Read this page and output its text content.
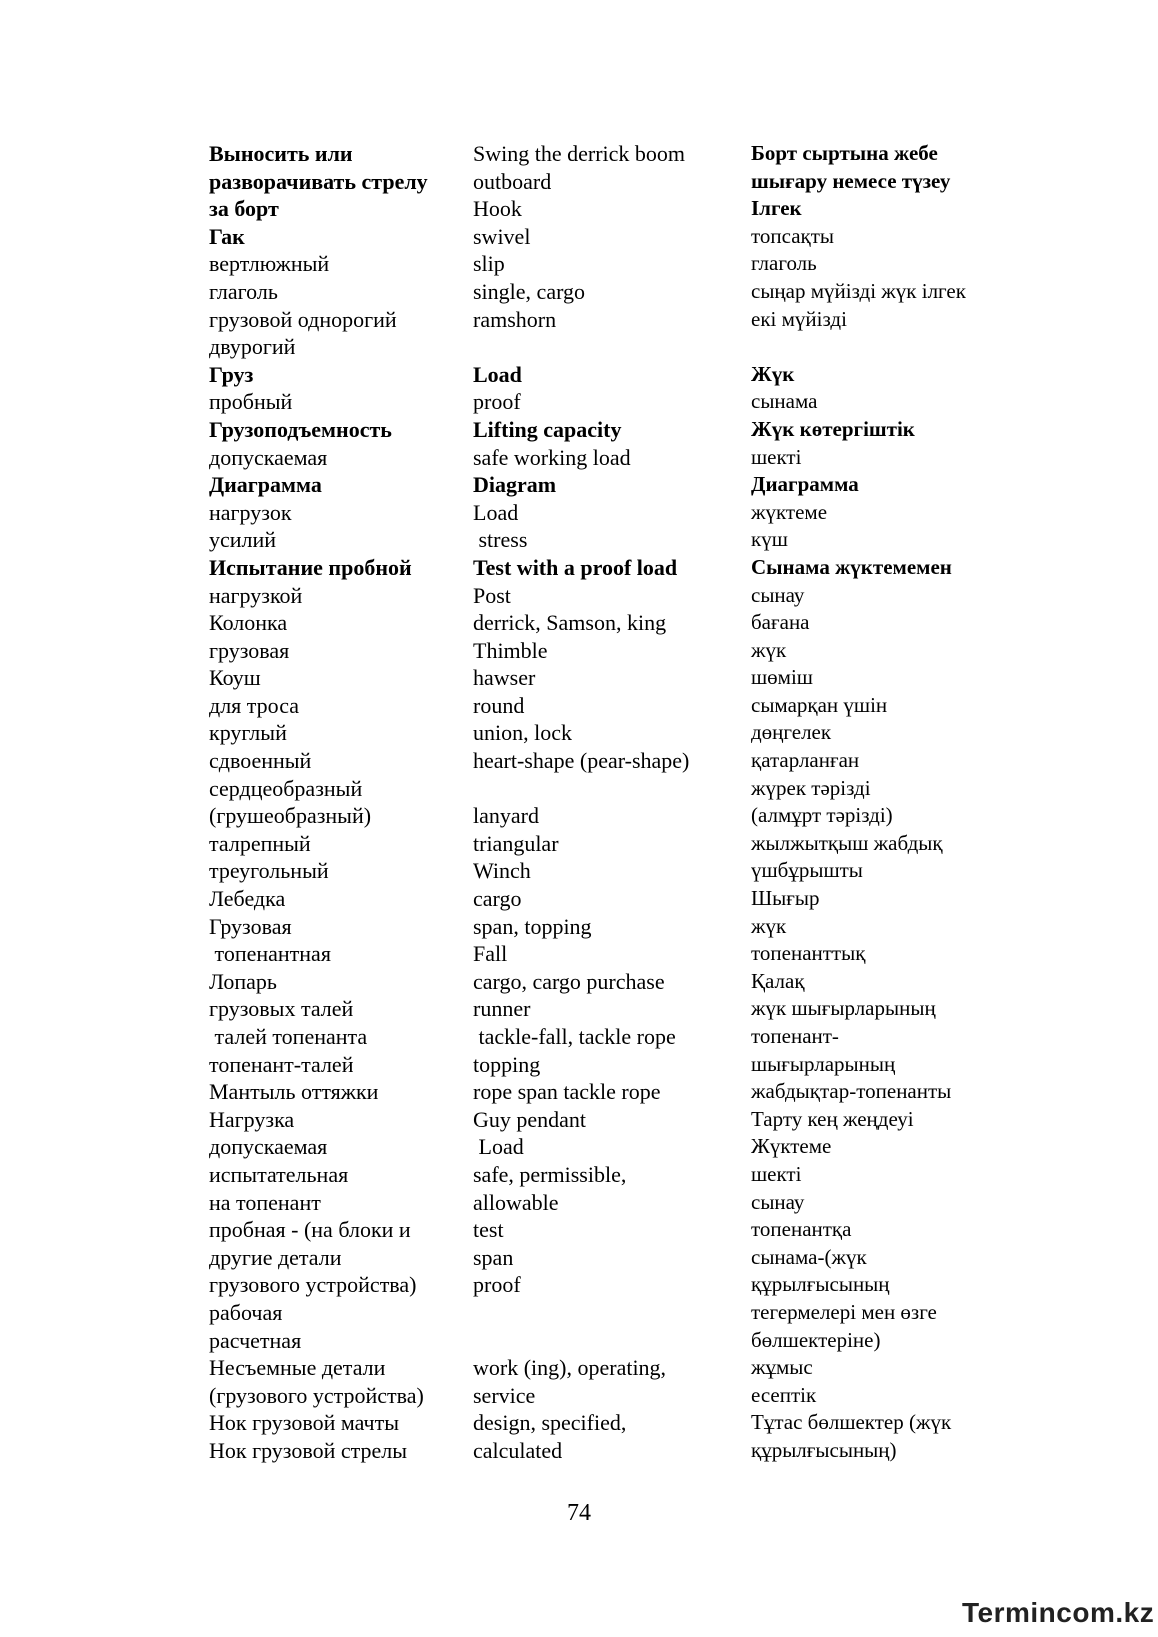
Выносить или
разворачивать стрелу
за борт
Гак
вертлюжный
глаголь
грузовой однорогий
двурогий
Груз
пробный
Грузоподъемность
допускаемая
Диаграмма
нагрузок
усилий
Испытание пробной
нагрузкой
Колонка
грузовая
Коуш
для троса
круглый
сдвоенный
сердцеобразный
(грушеобразный)
талрепный
треугольный
Лебедка
Грузовая
топенантная
Лопарь
грузовых талей
талей топенанта
топенант-талей
Мантыль оттяжки
Нагрузка
допускаемая
испытательная
на топенант
пробная - (на блоки и
другие детали
грузового устройства)
рабочая
расчетная
Несъемные детали
(грузового устройства)
Нок грузовой мачты
Нок грузовой стрелы
Swing the derrick boom
outboard
Hook
swivel
slip
single, cargo
ramshorn
Load
proof
Lifting capacity
safe working load
Diagram
Load
stress
Test with a proof load
Post
derrick, Samson, king
Thimble
hawser
round
union, lock
heart-shape (pear-shape)
lanyard
triangular
Winch
cargo
span, topping
Fall
cargo, cargo purchase
runner
tackle-fall, tackle rope
topping
rope span tackle rope
Guy pendant
Load
safe, permissible,
allowable
test
span
proof
work (ing), operating,
service
design, specified,
calculated
Борт сыртына жебе
шығару немесе түзеу
Ілгек
топсақты
глаголь
сыңар мүйізді жүк ілгек
екі мүйізді
Жүк
сынама
Жүк көтергіштік
шекті
Диаграмма
жүктеме
күш
Сынама жүктемемен
сынау
бағана
жүк
шөміш
сымарқан үшін
дөңгелек
қатарланған
жүрек тәрізді
(алмұрт тәрізді)
жылжытқыш жабдық
үшбұрышты
Шығыр
жүк
топенанттық
Қалақ
жүк шығырларының
топенант-
шығырларының
жабдықтар-топенанты
Тарту кең жеңдеуі
Жүктеме
шекті
сынау
топенантқа
сынама-(жүк
құрылғысының
тегермелері мен өзге
бөлшектеріне)
жұмыс
есептік
Тұтас бөлшектер (жүк
құрылғысының)
74
Termincom.kz
